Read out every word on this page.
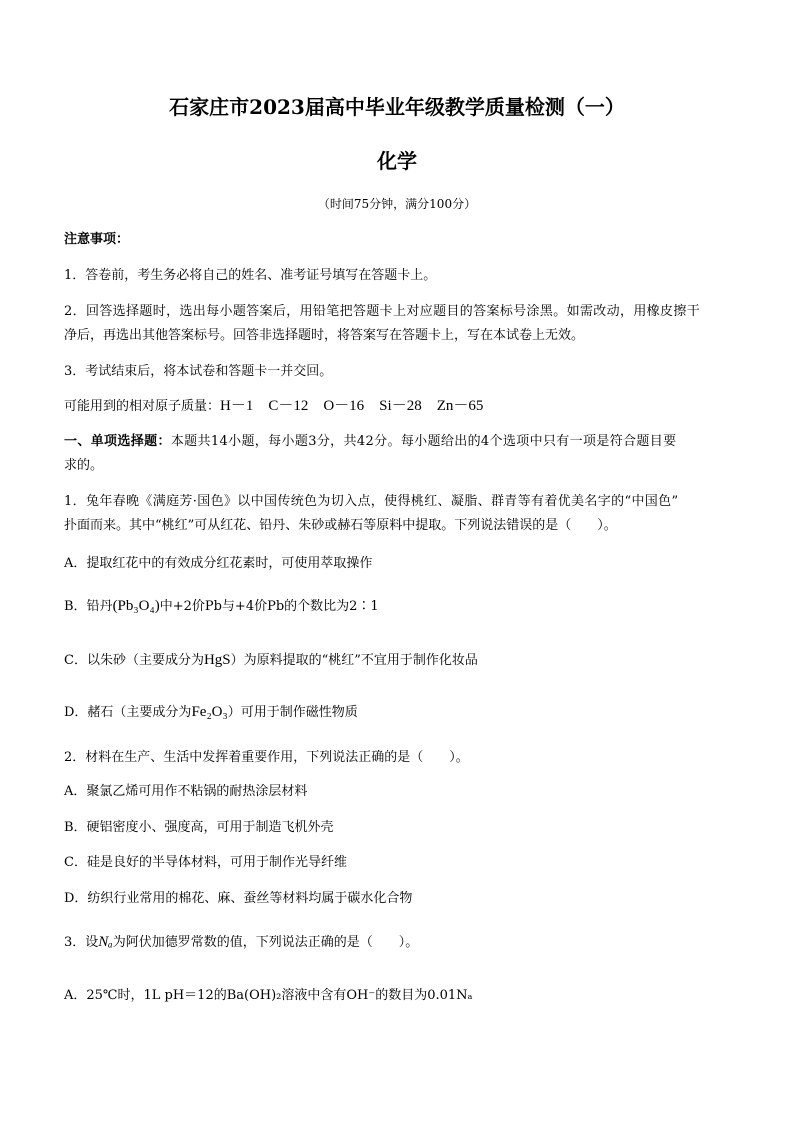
石家庄市2023届高中毕业年级教学质量检测（一）
化学
（时间75分钟，满分100分）
注意事项：
1．答卷前，考生务必将自己的姓名、准考证号填写在答题卡上。
2．回答选择题时，选出每小题答案后，用铅笔把答题卡上对应题目的答案标号涂黑。如需改动，用橡皮擦干
净后，再选出其他答案标号。回答非选择题时，将答案写在答题卡上，写在本试卷上无效。
3．考试结束后，将本试卷和答题卡一并交回。
可能用到的相对原子质量：H－1　C－12　O－16　Si－28　Zn－65
一、单项选择题：本题共14小题，每小题3分，共42分。每小题给出的4个选项中只有一项是符合题目要
求的。
1．兔年春晚《满庭芳·国色》以中国传统色为切入点，使得桃红、凝脂、群青等有着优美名字的“中国色”
扑面而来。其中“桃红”可从红花、铅丹、朱砂或赫石等原料中提取。下列说法错误的是（　　）。
A．提取红花中的有效成分红花素时，可使用萃取操作
B．铅丹(Pb₃O₄)中+2价Pb与+4价Pb的个数比为2∶1
C．以朱砂（主要成分为HgS）为原料提取的“桃红”不宜用于制作化妆品
D．赭石（主要成分为Fe₂O₃）可用于制作磁性物质
2．材料在生产、生活中发挥着重要作用，下列说法正确的是（　　）。
A．聚氯乙烯可用作不粘锅的耐热涂层材料
B．硬铝密度小、强度高，可用于制造飞机外壳
C．硅是良好的半导体材料，可用于制作光导纤维
D．纺织行业常用的棉花、麻、蚕丝等材料均属于碳水化合物
3．设Nₐ为阿伏加德罗常数的值，下列说法正确的是（　　）。
A．25℃时，1L pH＝12的Ba(OH)₂溶液中含有OH⁻的数目为0.01Nₐ
